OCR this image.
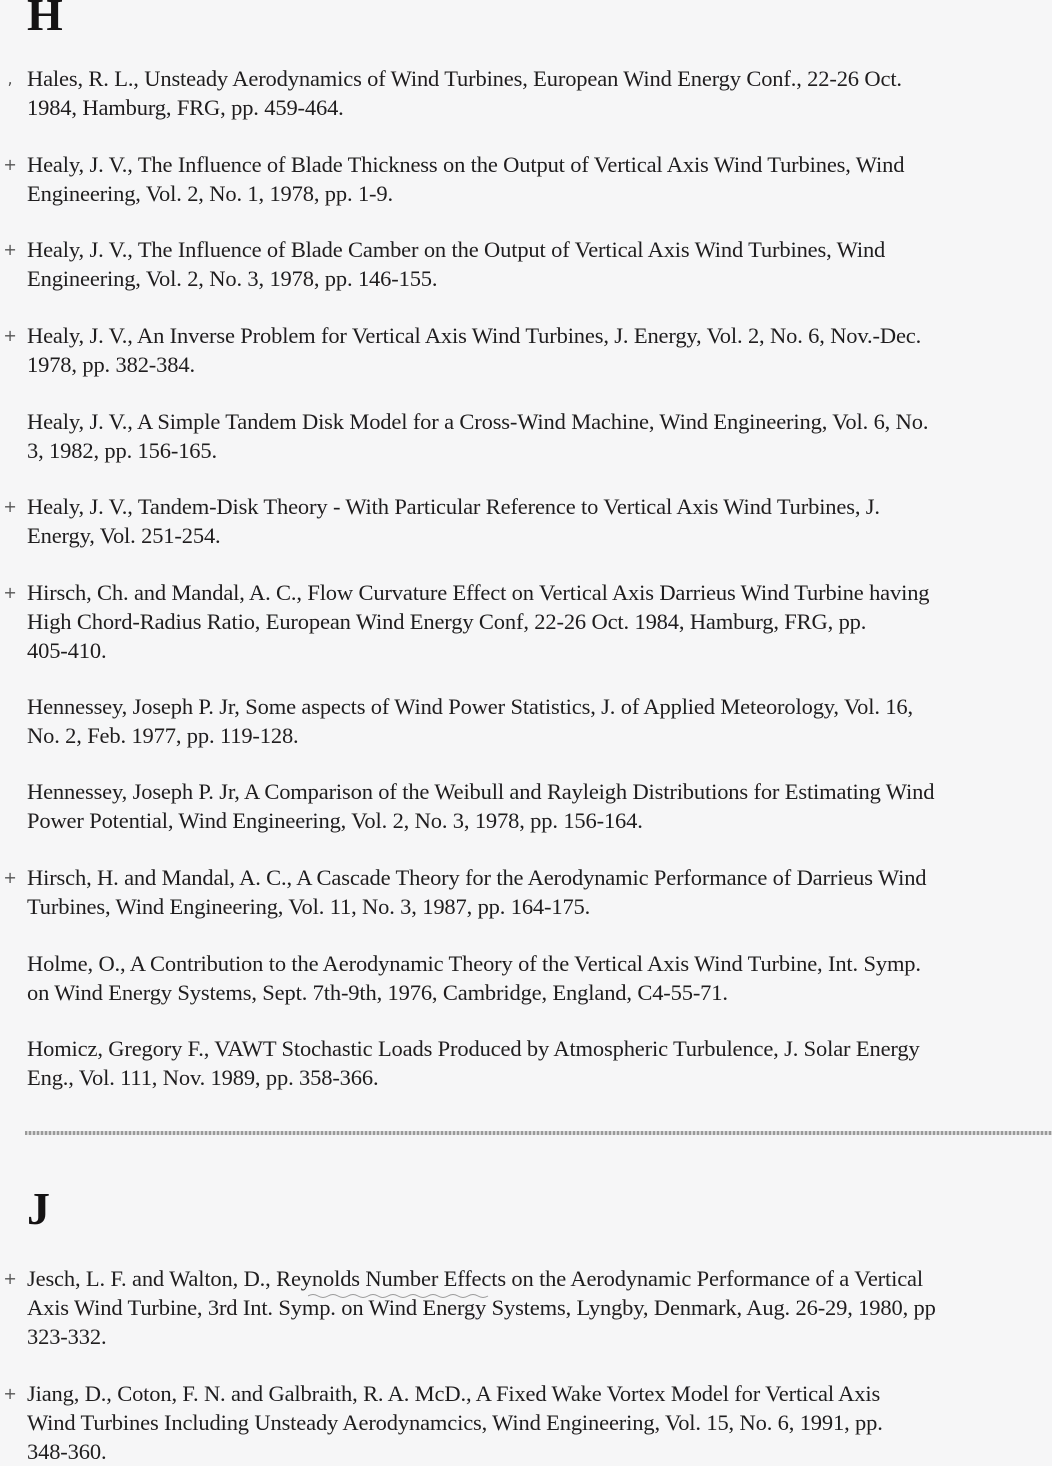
H
, Hales, R. L., Unsteady Aerodynamics of Wind Turbines, European Wind Energy Conf., 22-26 Oct.
1984, Hamburg, FRG, pp. 459-464.
+ Healy, J. V., The Influence of Blade Thickness on the Output of Vertical Axis Wind Turbines, Wind
Engineering, Vol. 2, No. 1, 1978, pp. 1-9.
+ Healy, J. V., The Influence of Blade Camber on the Output of Vertical Axis Wind Turbines, Wind
Engineering, Vol. 2, No. 3, 1978, pp. 146-155.
+ Healy, J. V., An Inverse Problem for Vertical Axis Wind Turbines, J. Energy, Vol. 2, No. 6, Nov.-Dec.
1978, pp. 382-384.
Healy, J. V., A Simple Tandem Disk Model for a Cross-Wind Machine, Wind Engineering, Vol. 6, No.
3, 1982, pp. 156-165.
+ Healy, J. V., Tandem-Disk Theory - With Particular Reference to Vertical Axis Wind Turbines, J.
Energy, Vol. 251-254.
+ Hirsch, Ch. and Mandal, A. C., Flow Curvature Effect on Vertical Axis Darrieus Wind Turbine having
High Chord-Radius Ratio, European Wind Energy Conf, 22-26 Oct. 1984, Hamburg, FRG, pp.
405-410.
Hennessey, Joseph P. Jr, Some aspects of Wind Power Statistics, J. of Applied Meteorology, Vol. 16,
No. 2, Feb. 1977, pp. 119-128.
Hennessey, Joseph P. Jr, A Comparison of the Weibull and Rayleigh Distributions for Estimating Wind
Power Potential, Wind Engineering, Vol. 2, No. 3, 1978, pp. 156-164.
+ Hirsch, H. and Mandal, A. C., A Cascade Theory for the Aerodynamic Performance of Darrieus Wind
Turbines, Wind Engineering, Vol. 11, No. 3, 1987, pp. 164-175.
Holme, O., A Contribution to the Aerodynamic Theory of the Vertical Axis Wind Turbine, Int. Symp.
on Wind Energy Systems, Sept. 7th-9th, 1976, Cambridge, England, C4-55-71.
Homicz, Gregory F., VAWT Stochastic Loads Produced by Atmospheric Turbulence, J. Solar Energy
Eng., Vol. 111, Nov. 1989, pp. 358-366.
J
+ Jesch, L. F. and Walton, D., Reynolds Number Effects on the Aerodynamic Performance of a Vertical
Axis Wind Turbine, 3rd Int. Symp. on Wind Energy Systems, Lyngby, Denmark, Aug. 26-29, 1980, pp
323-332.
+ Jiang, D., Coton, F. N. and Galbraith, R. A. McD., A Fixed Wake Vortex Model for Vertical Axis
Wind Turbines Including Unsteady Aerodynamcics, Wind Engineering, Vol. 15, No. 6, 1991, pp.
348-360.
